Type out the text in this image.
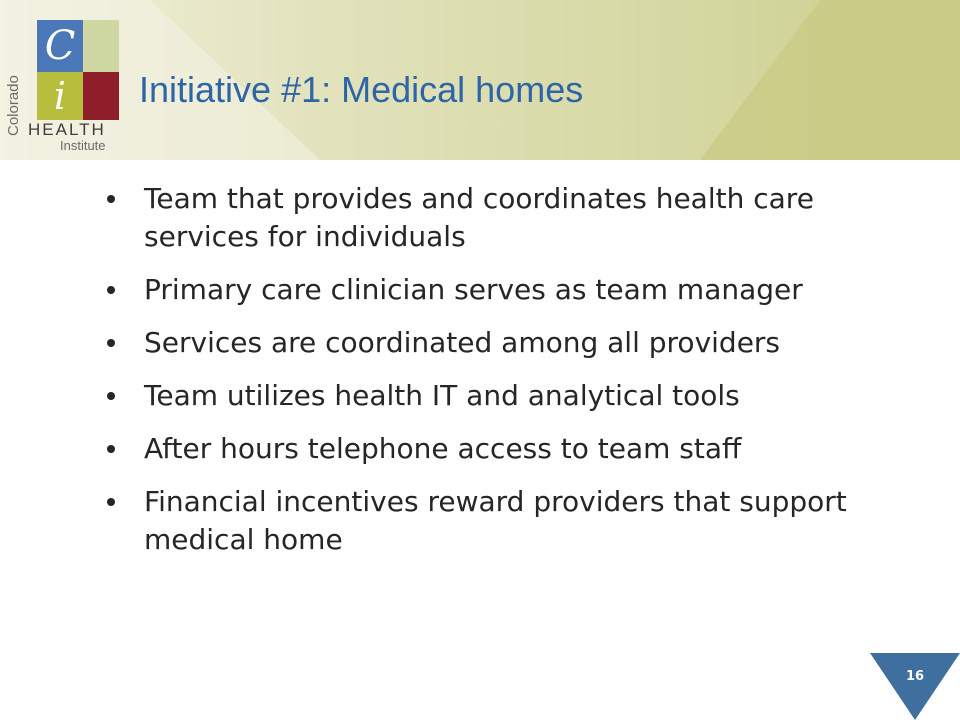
C
i
Colorado HEALTH
Institute
Initiative #1: Medical homes
Team that provides and coordinates health care services for individuals
Primary care clinician serves as team manager
Services are coordinated among all providers
Team utilizes health IT and analytical tools
After hours telephone access to team staff
Financial incentives reward providers that support medical home
16
